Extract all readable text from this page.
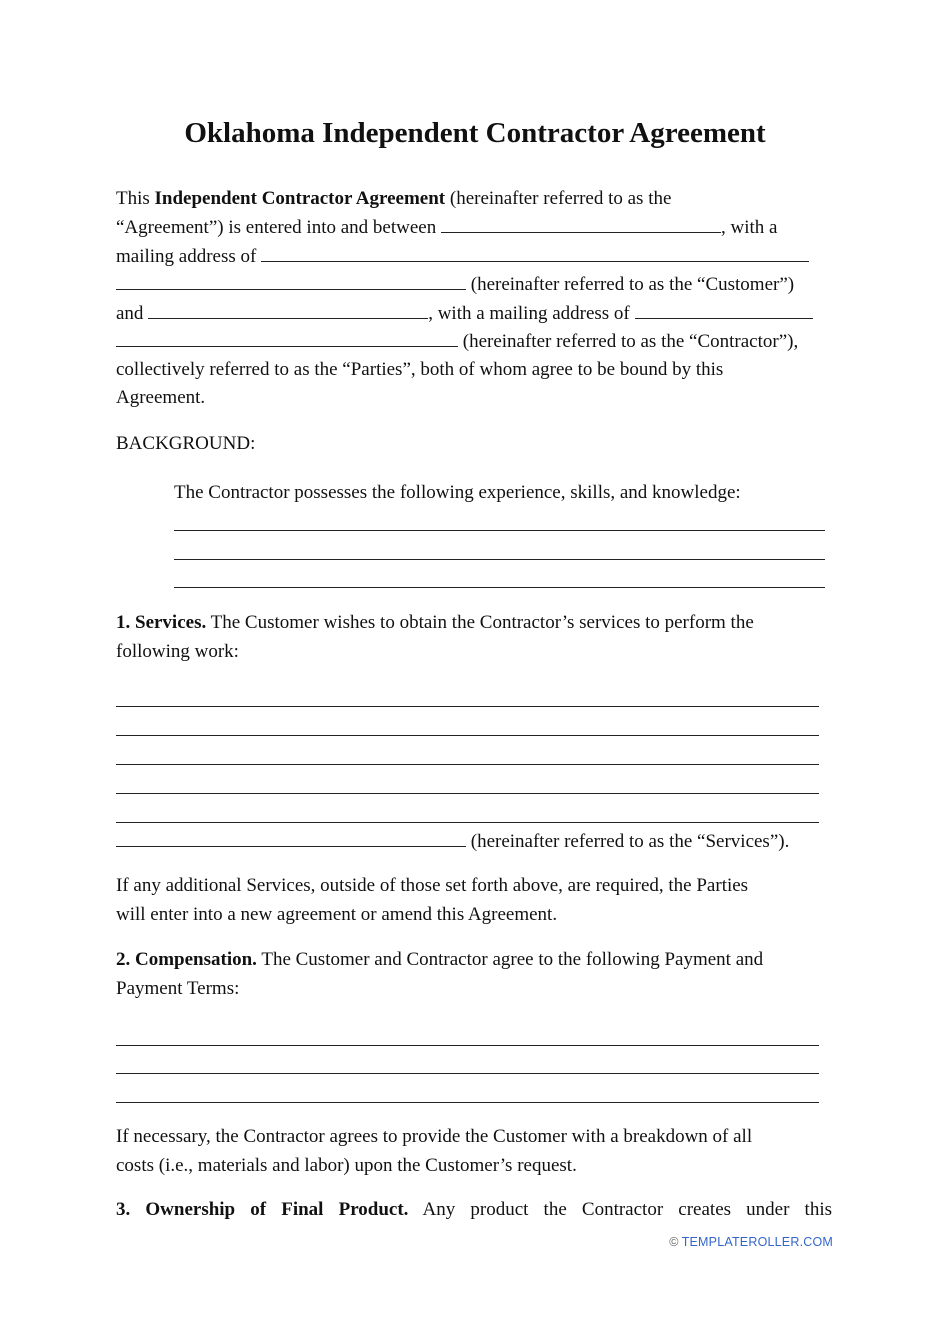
Oklahoma Independent Contractor Agreement

This Independent Contractor Agreement (hereinafter referred to as the

“Agreement”) is entered into and between	, with a

mailing address of

(hereinafter referred to as the “Customer”)

and	, with a mailing address of

(hereinafter referred to as the “Contractor”),

collectively referred to as the “Parties”, both of whom agree to be bound by this

Agreement.

BACKGROUND:

The Contractor possesses the following experience, skills, and knowledge:

1. Services. The Customer wishes to obtain the Contractor’s services to perform the

following work:

(hereinafter referred to as the “Services”).

If any additional Services, outside of those set forth above, are required, the Parties

will enter into a new agreement or amend this Agreement.

2. Compensation. The Customer and Contractor agree to the following Payment and

Payment Terms:

If necessary, the Contractor agrees to provide the Customer with a breakdown of all

costs (i.e., materials and labor) upon the Customer’s request.

3. Ownership of Final Product. Any product the Contractor creates under this

© TEMPLATEROLLER.COM
